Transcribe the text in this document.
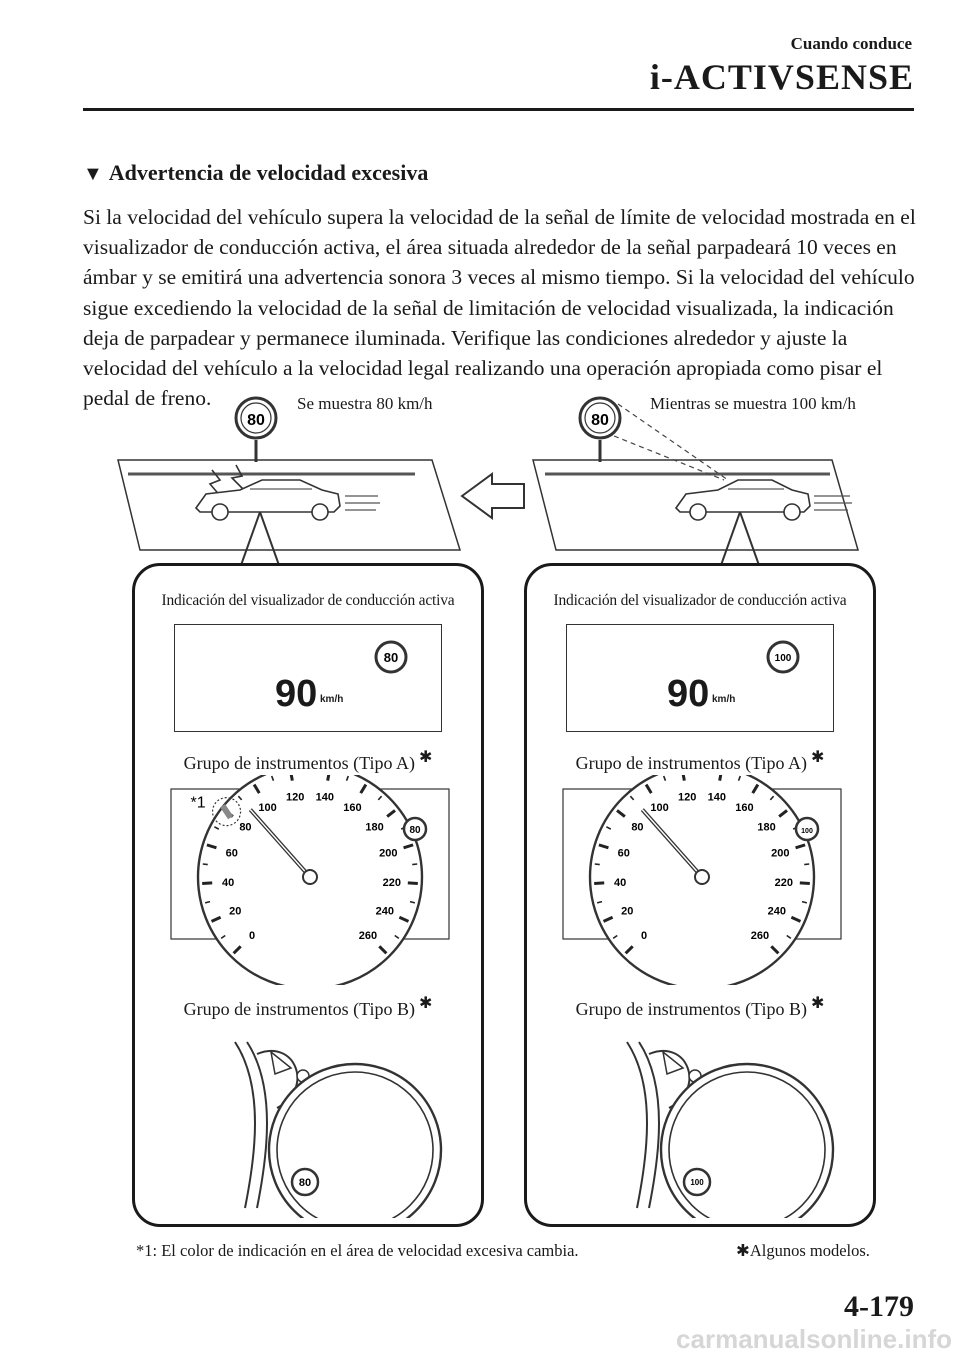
Cuando conduce
i-ACTIVSENSE
▼ Advertencia de velocidad excesiva

Si la velocidad del vehículo supera la velocidad de la señal de límite de velocidad mostrada en el visualizador de conducción activa, el área situada alrededor de la señal parpadeará 10 veces en ámbar y se emitirá una advertencia sonora 3 veces al mismo tiempo. Si la velocidad del vehículo sigue excediendo la velocidad de la señal de limitación de velocidad visualizada, la indicación deja de parpadear y permanece iluminada. Verifique las condiciones alrededor y ajuste la velocidad del vehículo a la velocidad legal realizando una operación apropiada como pisar el pedal de freno.	Se muestra 80 km/h	Mientras se muestra 100 km/h
80	80
Indicación del visualizador de conducción activa
80
90 km/h
Grupo de instrumentos (Tipo A) ✱
0
20
40
60
80
100
120 140
160
180
200
220
240
260
80
*1
Grupo de instrumentos (Tipo B) ✱
80
Indicación del visualizador de conducción activa
100
90 km/h
Grupo de instrumentos (Tipo A) ✱
0
20
40
60
80
100
120 140
160
180
200
220
240
260
100
Grupo de instrumentos (Tipo B) ✱
100
*1: El color de indicación en el área de velocidad excesiva cambia.	✱Algunos modelos.
4-179
carmanualsonline.info
